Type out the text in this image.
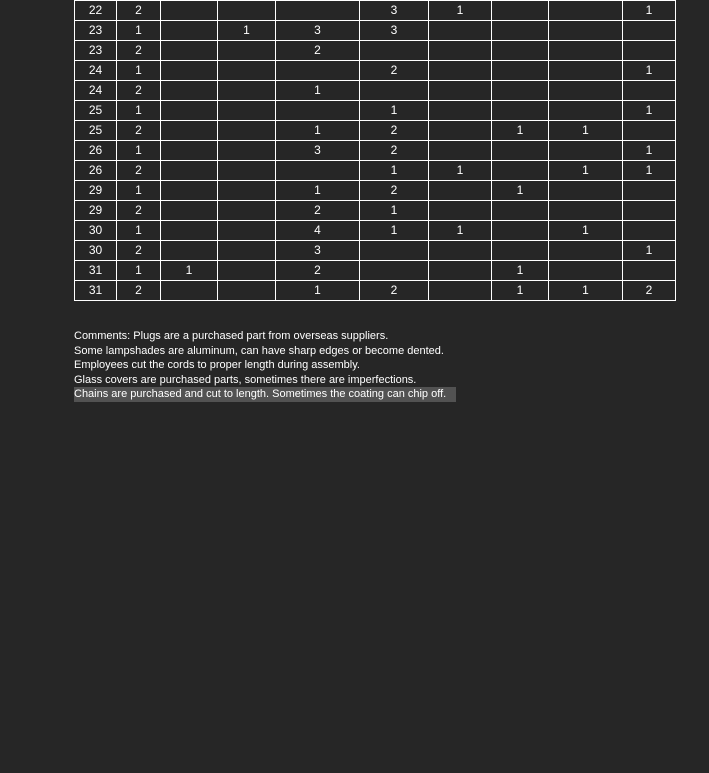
22	2				3	1			1
23	1		1	3	3				
23	2			2					
24	1				2				1
24	2			1					
25	1				1				1
25	2			1	2		1	1	
26	1			3	2				1
26	2				1	1		1	1
29	1			1	2		1		
29	2			2	1				
30	1			4	1	1		1	
30	2			3					1
31	1	1		2			1		
31	2			1	2		1	1	2
Comments: Plugs are a purchased part from overseas suppliers.
Some lampshades are aluminum, can have sharp edges or become dented.
Employees cut the cords to proper length during assembly.
Glass covers are purchased parts, sometimes there are imperfections.
Chains are purchased and cut to length. Sometimes the coating can chip off.
